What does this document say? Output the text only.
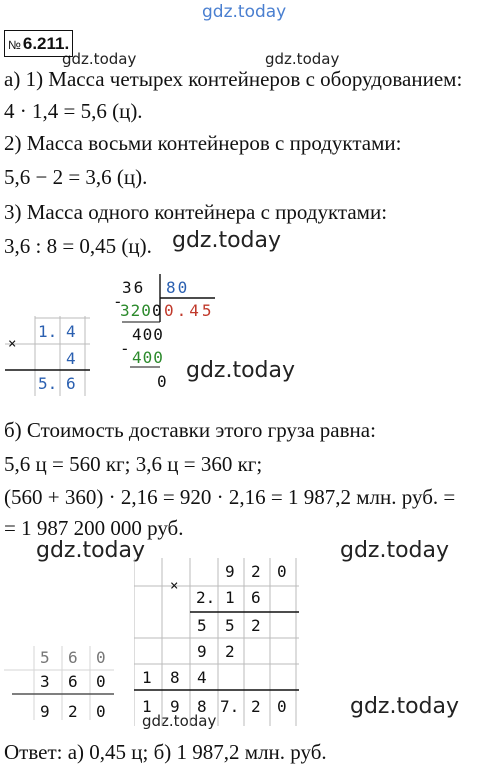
gdz.today
gdz.today	gdz.today
gdz.today
gdz.today
gdz.today	gdz.today
gdz.today
gdz.today
№ 6.211.
а) 1) Масса четырех контейнеров с оборудованием:
4 · 1,4 = 5,6 (ц).
2) Масса восьми контейнеров с продуктами:
5,6 − 2 = 3,6 (ц).
3) Масса одного контейнера с продуктами:
3,6 : 8 = 0,45 (ц).
б) Стоимость доставки этого груза равна:
5,6 ц = 560 кг; 3,6 ц = 360 кг;
(560 + 360) · 2,16 = 920 · 2,16 = 1 987,2 млн. руб. =
= 1 987 200 000 руб.
Ответ: а) 0,45 ц; б) 1 987,2 млн. руб.
×
1. 4
4
5. 6
36 80
-
320 0 0.45
400
- 400
0
×
9 2 0
2. 1 6
5 5 2
9 2
1 8 4
1 9 8 7. 2 0
5 6 0
3 6 0
9 2 0
